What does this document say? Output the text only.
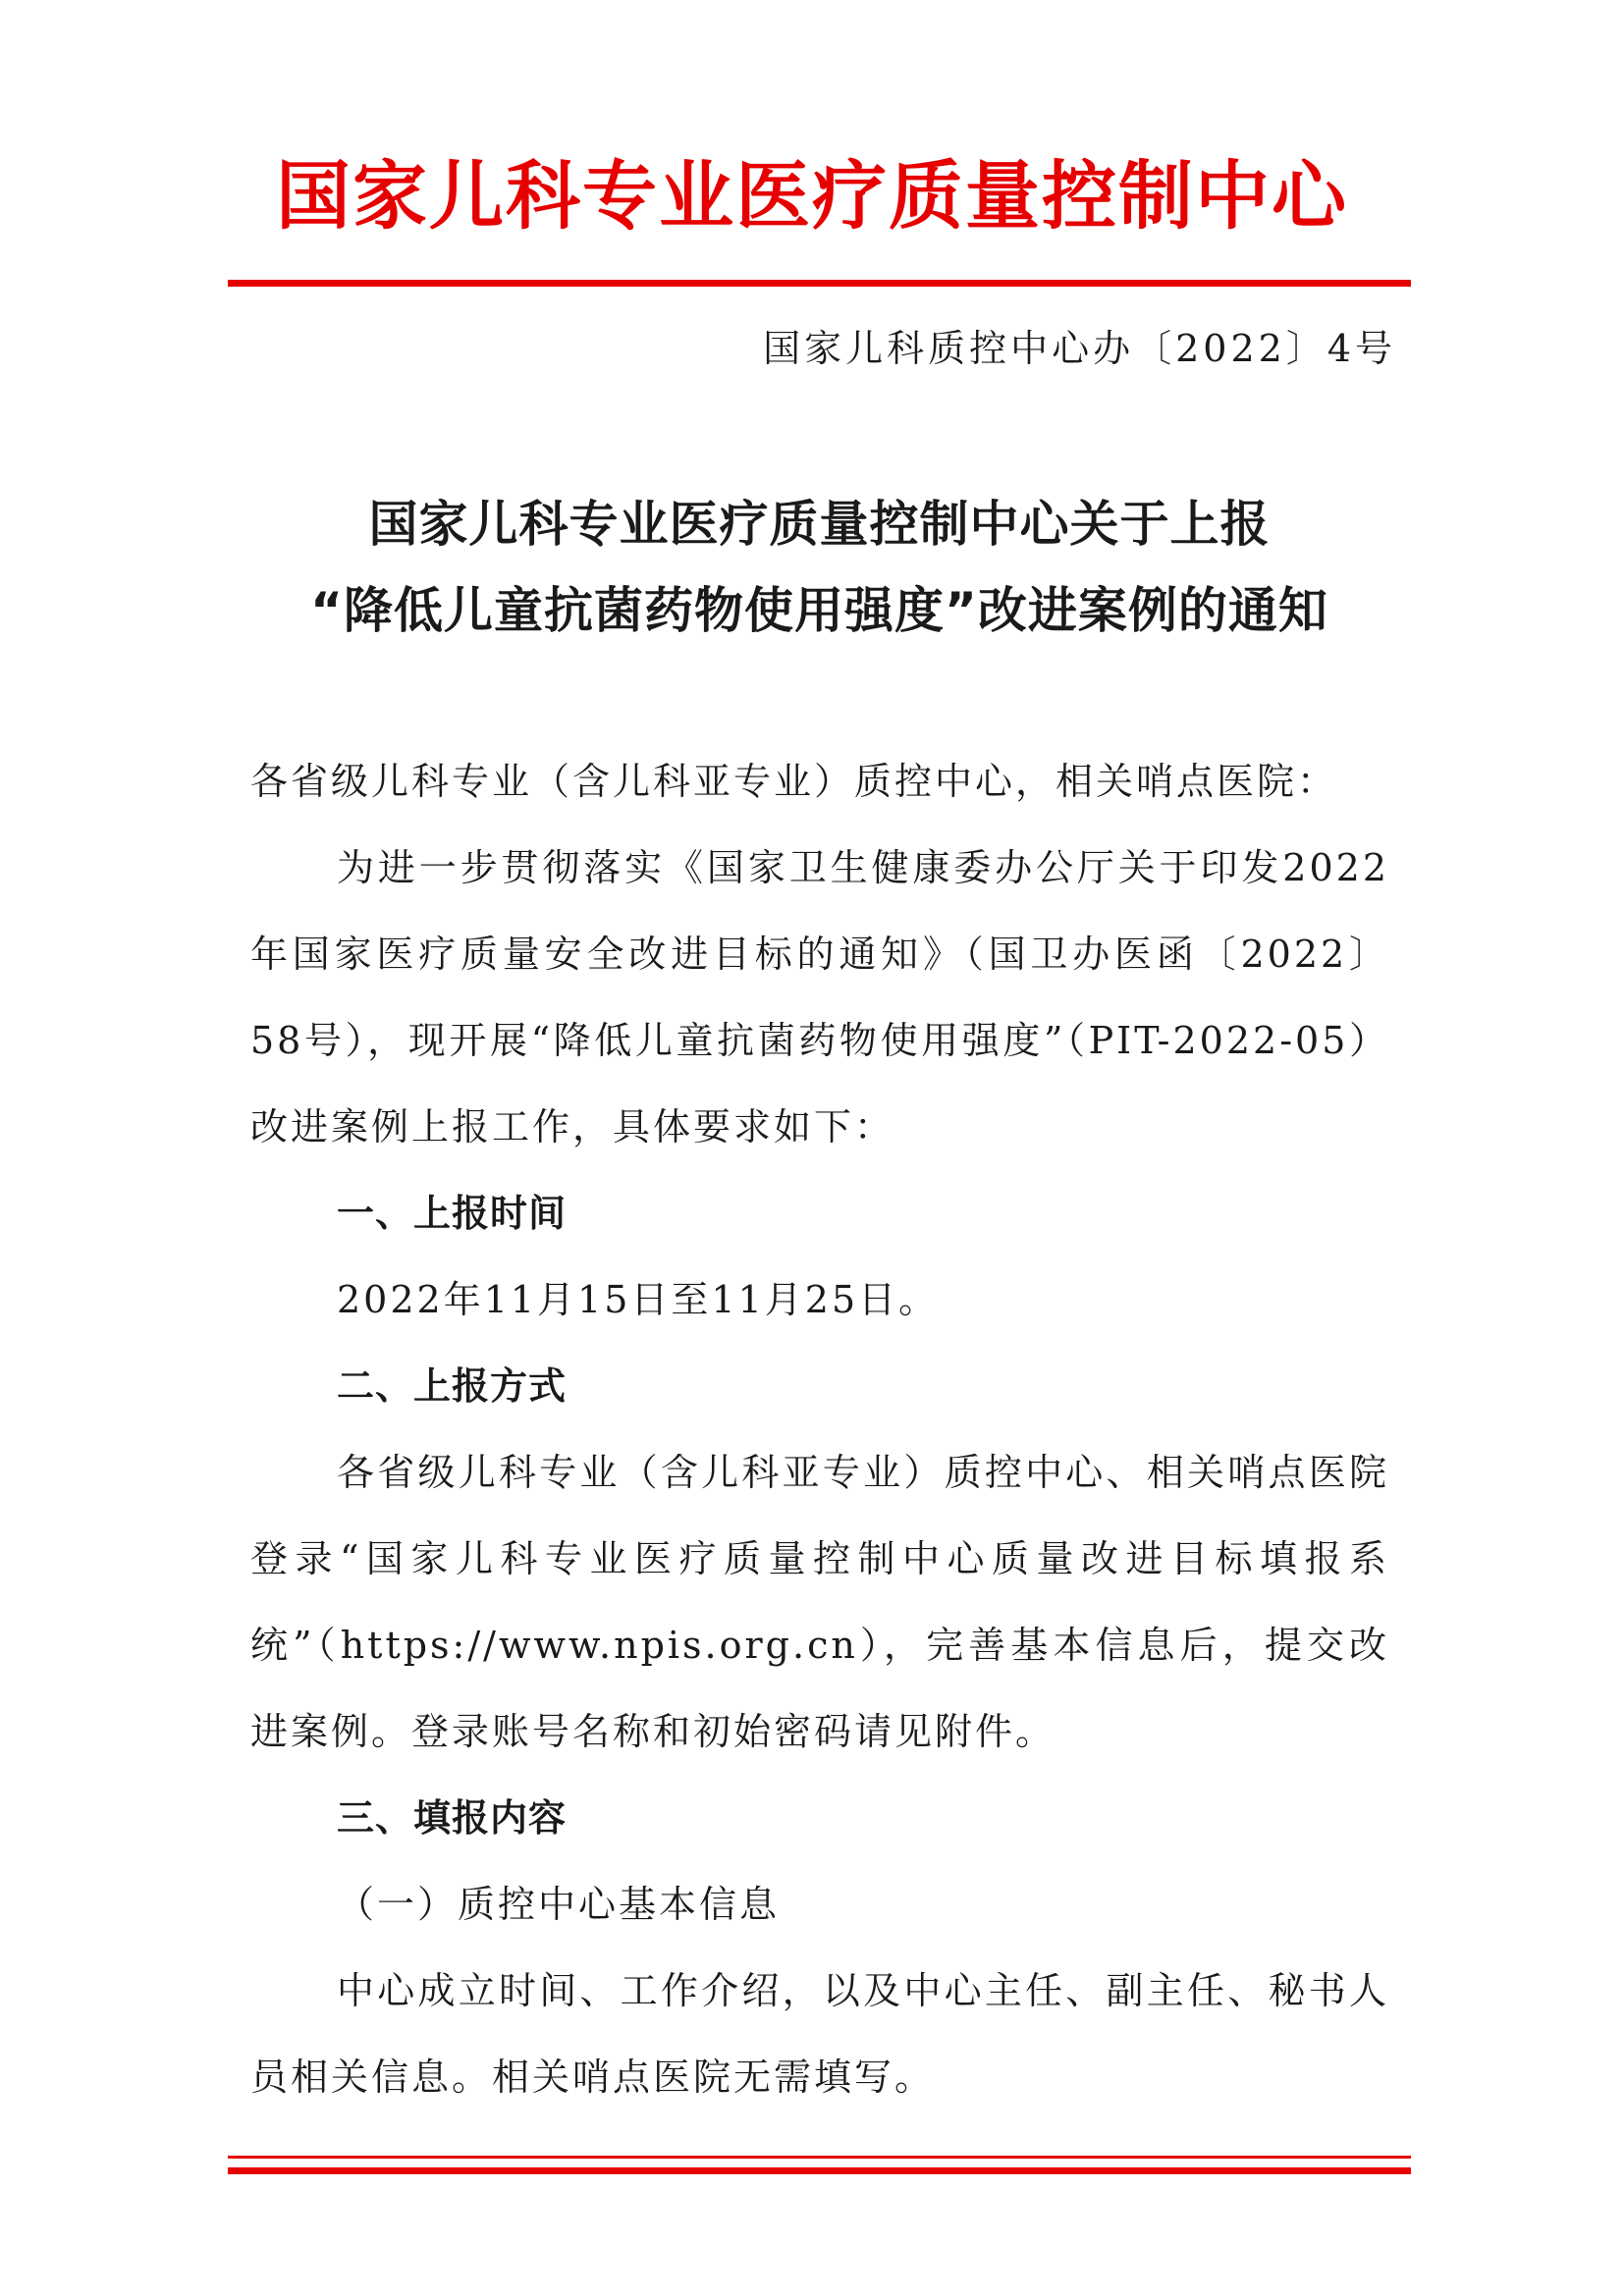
国家儿科专业医疗质量控制中心
国家儿科质控中心办〔2022〕4号
国家儿科专业医疗质量控制中心关于上报
“降低儿童抗菌药物使用强度”改进案例的通知

各省级儿科专业（含儿科亚专业）质控中心，相关哨点医院：

为进一步贯彻落实《国家卫生健康委办公厅关于印发2022年国家医疗质量安全改进目标的通知》（国卫办医函〔2022〕58号），现开展“降低儿童抗菌药物使用强度”（PIT-2022-05）改进案例上报工作，具体要求如下：

一、上报时间

2022年11月15日至11月25日。

二、上报方式

各省级儿科专业（含儿科亚专业）质控中心、相关哨点医院登录“国家儿科专业医疗质量控制中心质量改进目标填报系统”（https://www.npis.org.cn），完善基本信息后，提交改进案例。登录账号名称和初始密码请见附件。

三、填报内容

（一）质控中心基本信息

中心成立时间、工作介绍，以及中心主任、副主任、秘书人员相关信息。相关哨点医院无需填写。
